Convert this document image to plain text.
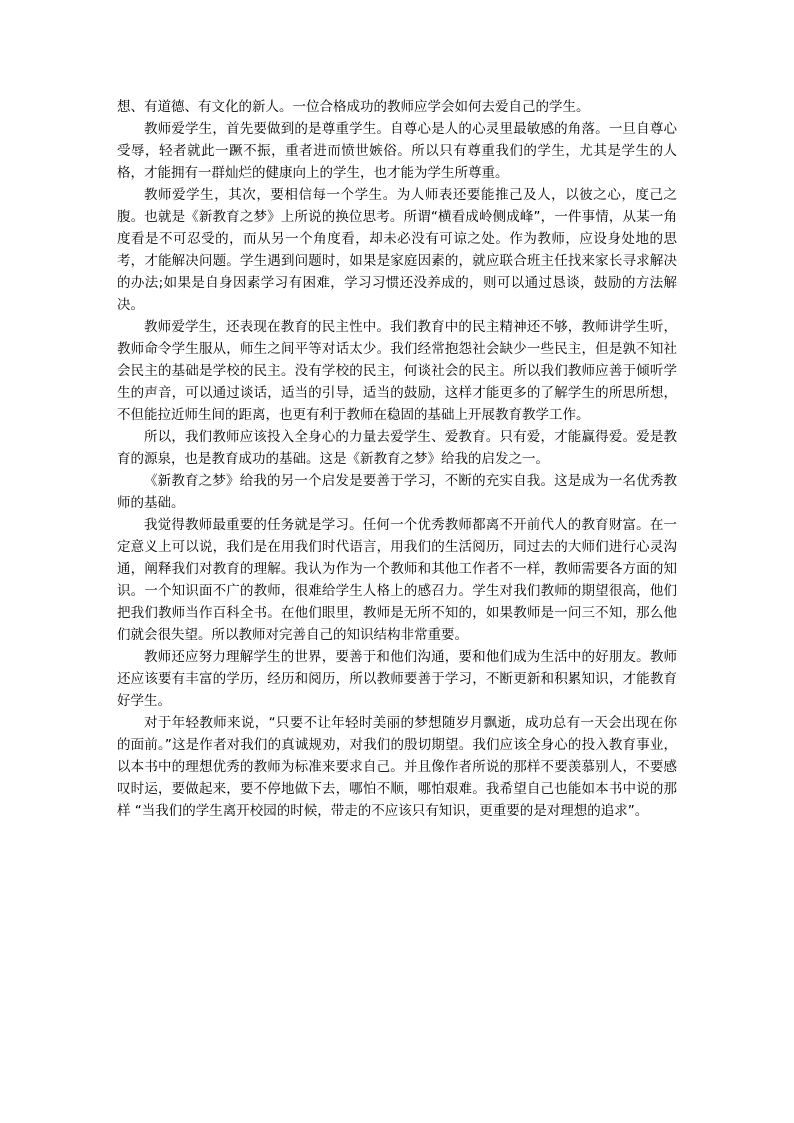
想、有道德、有文化的新人。一位合格成功的教师应学会如何去爱自己的学生。

教师爱学生，首先要做到的是尊重学生。自尊心是人的心灵里最敏感的角落。一旦自尊心受辱，轻者就此一蹶不振，重者进而愤世嫉俗。所以只有尊重我们的学生，尤其是学生的人格，才能拥有一群灿烂的健康向上的学生，也才能为学生所尊重。

教师爱学生，其次，要相信每一个学生。为人师表还要能推己及人，以彼之心，度己之腹。也就是《新教育之梦》上所说的换位思考。所谓“横看成岭侧成峰”，一件事情，从某一角度看是不可忍受的，而从另一个角度看，却未必没有可谅之处。作为教师，应设身处地的思考，才能解决问题。学生遇到问题时，如果是家庭因素的，就应联合班主任找来家长寻求解决的办法;如果是自身因素学习有困难，学习习惯还没养成的，则可以通过恳谈，鼓励的方法解决。

教师爱学生，还表现在教育的民主性中。我们教育中的民主精神还不够，教师讲学生听，教师命令学生服从，师生之间平等对话太少。我们经常抱怨社会缺少一些民主，但是孰不知社会民主的基础是学校的民主。没有学校的民主，何谈社会的民主。所以我们教师应善于倾听学生的声音，可以通过谈话，适当的引导，适当的鼓励，这样才能更多的了解学生的所思所想，不但能拉近师生间的距离，也更有利于教师在稳固的基础上开展教育教学工作。

所以，我们教师应该投入全身心的力量去爱学生、爱教育。只有爱，才能赢得爱。爱是教育的源泉，也是教育成功的基础。这是《新教育之梦》给我的启发之一。

《新教育之梦》给我的另一个启发是要善于学习，不断的充实自我。这是成为一名优秀教师的基础。

我觉得教师最重要的任务就是学习。任何一个优秀教师都离不开前代人的教育财富。在一定意义上可以说，我们是在用我们时代语言，用我们的生活阅历，同过去的大师们进行心灵沟通，阐释我们对教育的理解。我认为作为一个教师和其他工作者不一样，教师需要各方面的知识。一个知识面不广的教师，很难给学生人格上的感召力。学生对我们教师的期望很高，他们把我们教师当作百科全书。在他们眼里，教师是无所不知的，如果教师是一问三不知，那么他们就会很失望。所以教师对完善自己的知识结构非常重要。

教师还应努力理解学生的世界，要善于和他们沟通，要和他们成为生活中的好朋友。教师还应该要有丰富的学历，经历和阅历，所以教师要善于学习，不断更新和积累知识，才能教育好学生。

对于年轻教师来说，“只要不让年轻时美丽的梦想随岁月飘逝，成功总有一天会出现在你的面前。”这是作者对我们的真诚规劝，对我们的殷切期望。我们应该全身心的投入教育事业，以本书中的理想优秀的教师为标准来要求自己。并且像作者所说的那样不要羡慕别人，不要感叹时运，要做起来，要不停地做下去，哪怕不顺，哪怕艰难。我希望自己也能如本书中说的那样 “当我们的学生离开校园的时候，带走的不应该只有知识，更重要的是对理想的追求”。
